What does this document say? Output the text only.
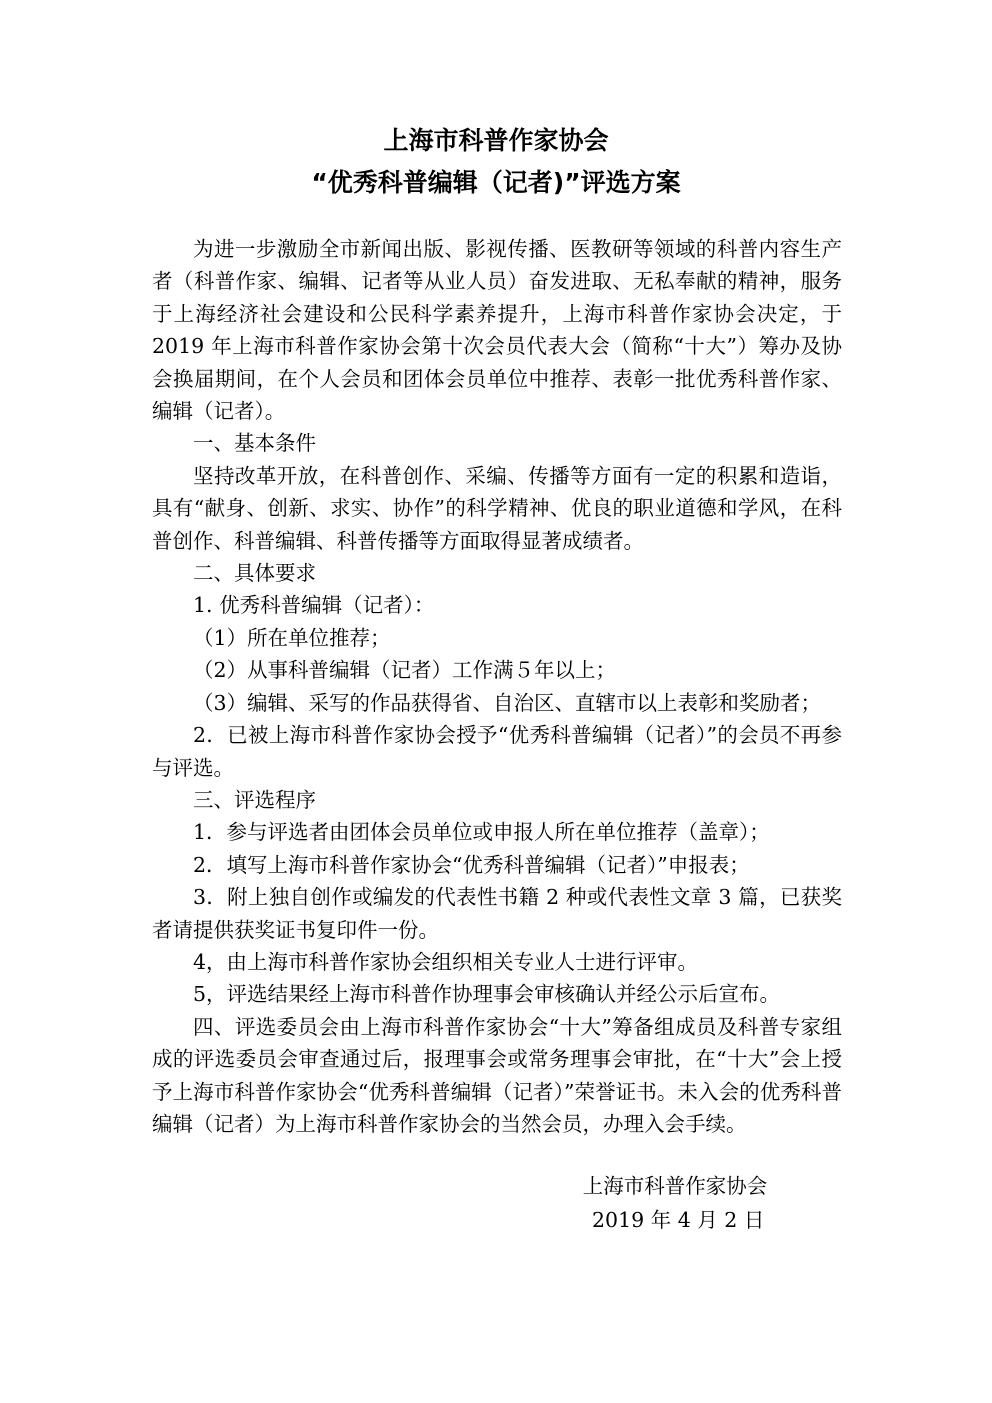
上海市科普作家协会
“优秀科普编辑（记者)”评选方案

为进一步激励全市新闻出版、影视传播、医教研等领域的科普内容生产者（科普作家、编辑、记者等从业人员）奋发进取、无私奉献的精神，服务于上海经济社会建设和公民科学素养提升，上海市科普作家协会决定，于 2019 年上海市科普作家协会第十次会员代表大会（简称“十大”）筹办及协会换届期间，在个人会员和团体会员单位中推荐、表彰一批优秀科普作家、编辑（记者）。

一、基本条件

坚持改革开放，在科普创作、采编、传播等方面有一定的积累和造诣，具有“献身、创新、求实、协作”的科学精神、优良的职业道德和学风，在科普创作、科普编辑、科普传播等方面取得显著成绩者。

二、具体要求

1. 优秀科普编辑（记者）：

（1）所在单位推荐；

（2）从事科普编辑（记者）工作满５年以上；

（3）编辑、采写的作品获得省、自治区、直辖市以上表彰和奖励者；

2．已被上海市科普作家协会授予“优秀科普编辑（记者）”的会员不再参与评选。

三、评选程序

1．参与评选者由团体会员单位或申报人所在单位推荐（盖章）；

2．填写上海市科普作家协会“优秀科普编辑（记者）”申报表；

3．附上独自创作或编发的代表性书籍 2 种或代表性文章 3 篇，已获奖者请提供获奖证书复印件一份。

4，由上海市科普作家协会组织相关专业人士进行评审。

5，评选结果经上海市科普作协理事会审核确认并经公示后宣布。

四、评选委员会由上海市科普作家协会“十大”筹备组成员及科普专家组成的评选委员会审查通过后，报理事会或常务理事会审批，在“十大”会上授予上海市科普作家协会“优秀科普编辑（记者）”荣誉证书。未入会的优秀科普编辑（记者）为上海市科普作家协会的当然会员，办理入会手续。

上海市科普作家协会
2019 年 4 月 2 日
